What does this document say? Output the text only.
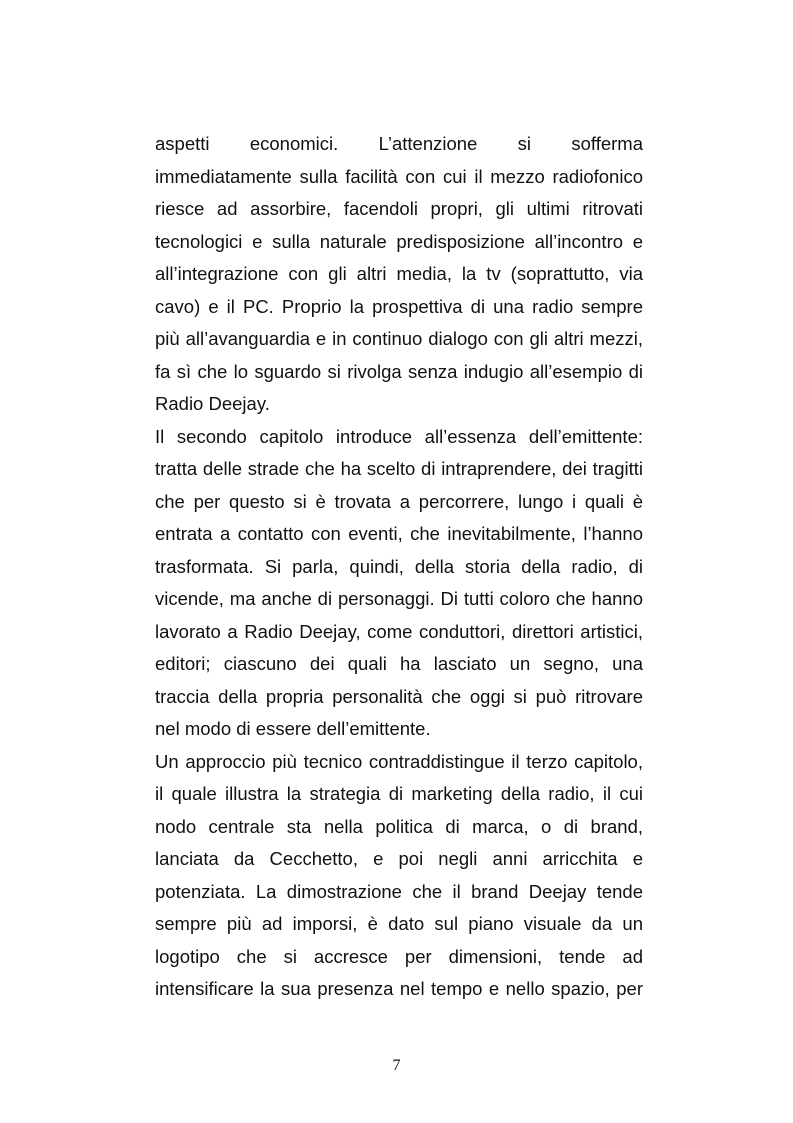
aspetti economici. L’attenzione si sofferma
immediatamente sulla facilità con cui il mezzo radiofonico
riesce ad assorbire, facendoli propri, gli ultimi ritrovati
tecnologici e sulla naturale predisposizione all’incontro e
all’integrazione con gli altri media, la tv (soprattutto, via
cavo) e il PC. Proprio la prospettiva di una radio sempre
più all’avanguardia e in continuo dialogo con gli altri mezzi,
fa sì che lo sguardo si rivolga senza indugio all’esempio di
Radio Deejay.
Il secondo capitolo introduce all’essenza dell’emittente:
tratta delle strade che ha scelto di intraprendere, dei tragitti
che per questo si è trovata a percorrere, lungo i quali è
entrata a contatto con eventi, che inevitabilmente, l’hanno
trasformata. Si parla, quindi, della storia della radio, di
vicende, ma anche di personaggi. Di tutti coloro che hanno
lavorato a Radio Deejay, come conduttori, direttori artistici,
editori; ciascuno dei quali ha lasciato un segno, una
traccia della propria personalità che oggi si può ritrovare
nel modo di essere dell’emittente.
Un approccio più tecnico contraddistingue il terzo capitolo,
il quale illustra la strategia di marketing della radio, il cui
nodo centrale sta nella politica di marca, o di brand,
lanciata da Cecchetto, e poi negli anni arricchita e
potenziata. La dimostrazione che il brand Deejay tende
sempre più ad imporsi, è dato sul piano visuale da un
logotipo che si accresce per dimensioni, tende ad
intensificare la sua presenza nel tempo e nello spazio, per
7
